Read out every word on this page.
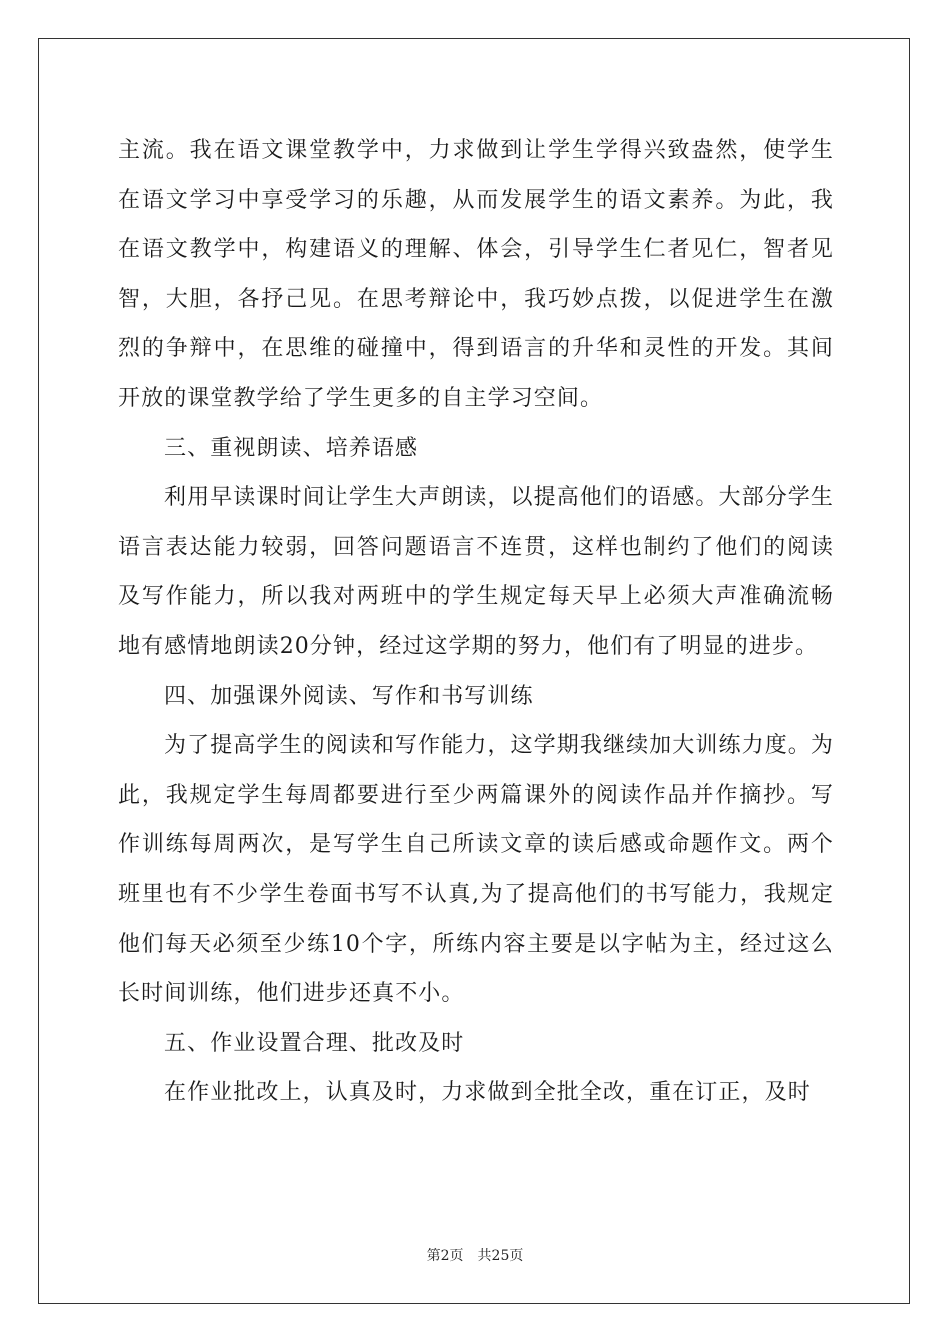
主流。我在语文课堂教学中，力求做到让学生学得兴致盎然，使学生在语文学习中享受学习的乐趣，从而发展学生的语文素养。为此，我在语文教学中，构建语义的理解、体会，引导学生仁者见仁，智者见智，大胆，各抒己见。在思考辩论中，我巧妙点拨，以促进学生在激烈的争辩中，在思维的碰撞中，得到语言的升华和灵性的开发。其间开放的课堂教学给了学生更多的自主学习空间。

三、重视朗读、培养语感

利用早读课时间让学生大声朗读，以提高他们的语感。大部分学生语言表达能力较弱，回答问题语言不连贯，这样也制约了他们的阅读及写作能力，所以我对两班中的学生规定每天早上必须大声准确流畅地有感情地朗读20分钟，经过这学期的努力，他们有了明显的进步。

四、加强课外阅读、写作和书写训练

为了提高学生的阅读和写作能力，这学期我继续加大训练力度。为此，我规定学生每周都要进行至少两篇课外的阅读作品并作摘抄。写作训练每周两次，是写学生自己所读文章的读后感或命题作文。两个班里也有不少学生卷面书写不认真,为了提高他们的书写能力，我规定他们每天必须至少练10个字，所练内容主要是以字帖为主，经过这么长时间训练，他们进步还真不小。

五、作业设置合理、批改及时

在作业批改上，认真及时，力求做到全批全改，重在订正，及时

第2页 共25页
